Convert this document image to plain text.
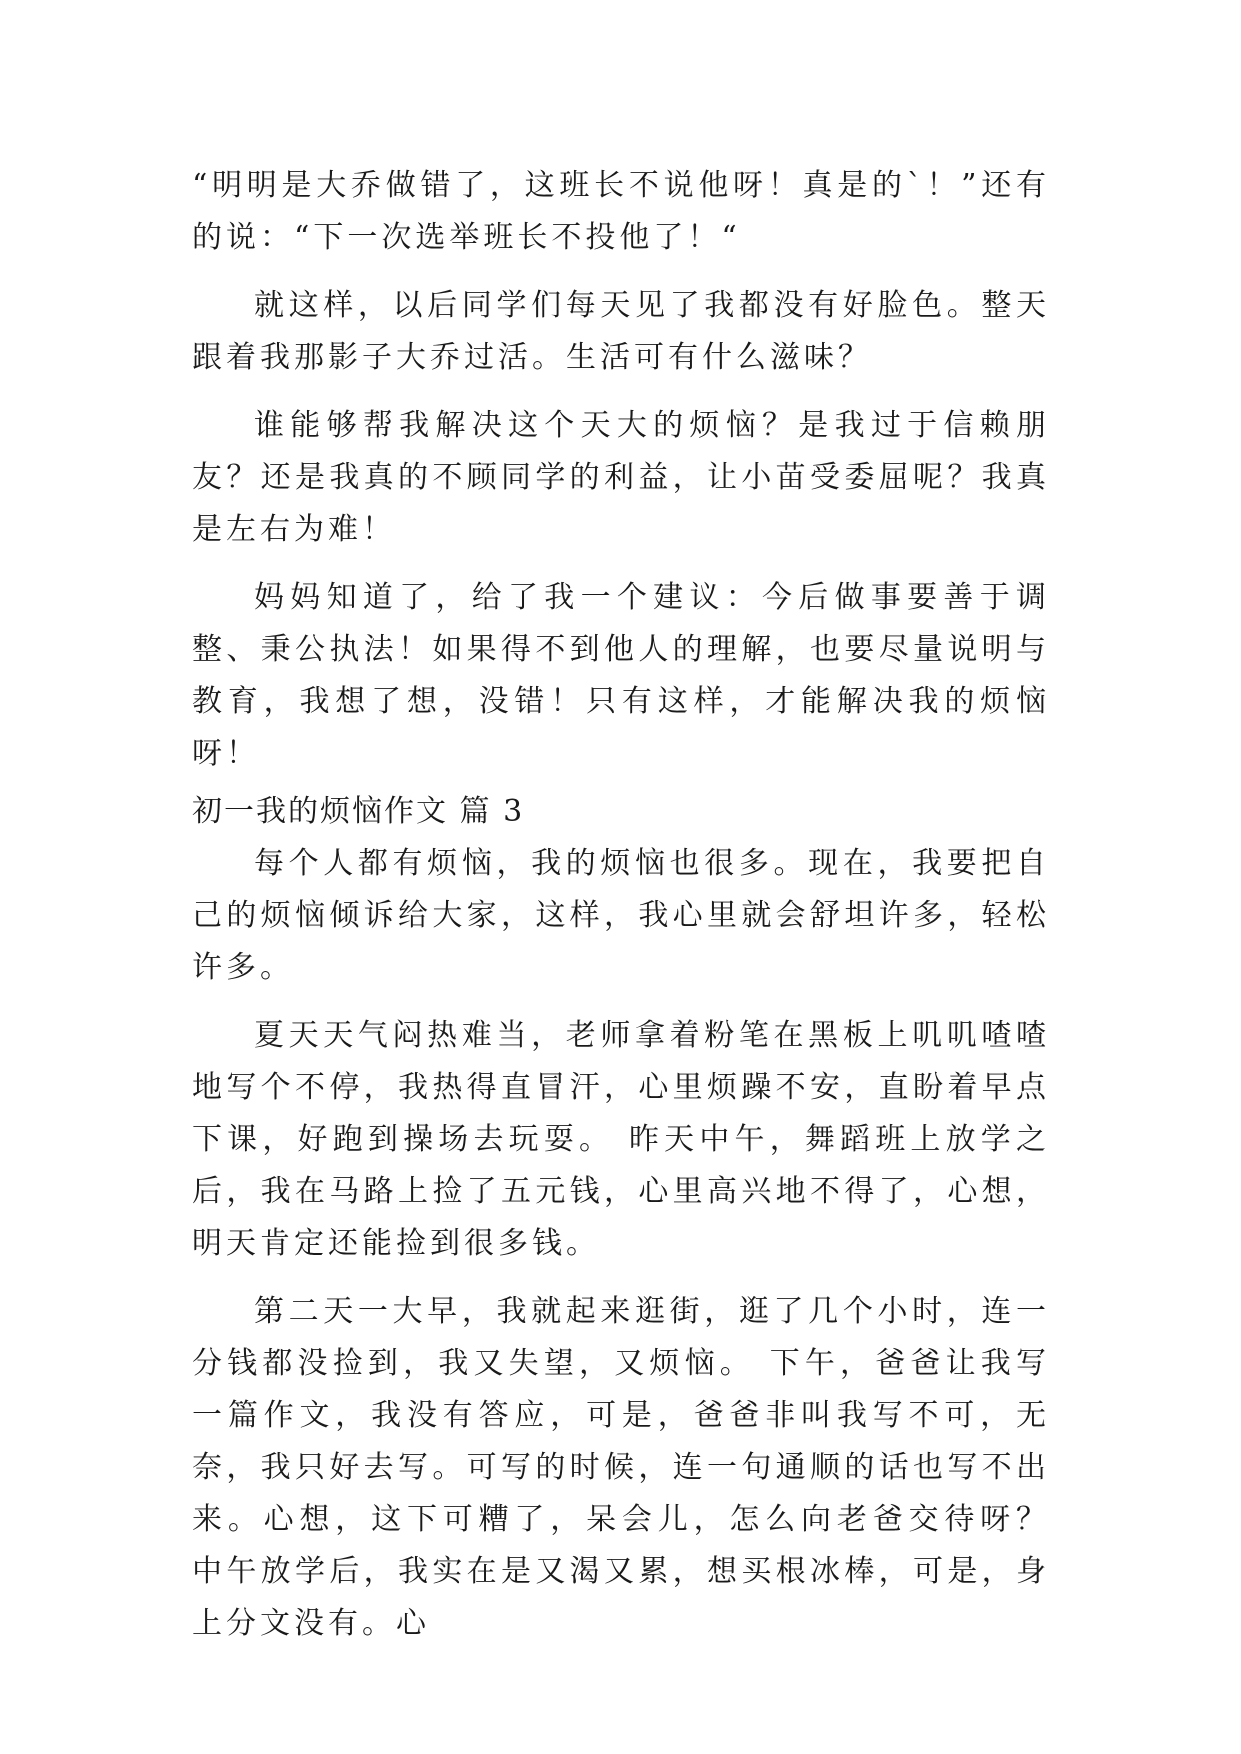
“明明是大乔做错了，这班长不说他呀！真是的`！”还有的说：“下一次选举班长不投他了！“

就这样，以后同学们每天见了我都没有好脸色。整天跟着我那影子大乔过活。生活可有什么滋味？

谁能够帮我解决这个天大的烦恼？是我过于信赖朋友？还是我真的不顾同学的利益，让小苗受委屈呢？我真是左右为难！

妈妈知道了，给了我一个建议：今后做事要善于调整、秉公执法！如果得不到他人的理解，也要尽量说明与教育，我想了想，没错！只有这样，才能解决我的烦恼呀！

初一我的烦恼作文 篇 3

每个人都有烦恼，我的烦恼也很多。现在，我要把自己的烦恼倾诉给大家，这样，我心里就会舒坦许多，轻松许多。

夏天天气闷热难当，老师拿着粉笔在黑板上叽叽喳喳地写个不停，我热得直冒汗，心里烦躁不安，直盼着早点下课，好跑到操场去玩耍。 昨天中午，舞蹈班上放学之后，我在马路上捡了五元钱，心里高兴地不得了，心想，明天肯定还能捡到很多钱。

第二天一大早，我就起来逛街，逛了几个小时，连一分钱都没捡到，我又失望，又烦恼。 下午，爸爸让我写一篇作文，我没有答应，可是，爸爸非叫我写不可，无奈，我只好去写。可写的时候，连一句通顺的话也写不出来。心想，这下可糟了，呆会儿，怎么向老爸交待呀？ 中午放学后，我实在是又渴又累，想买根冰棒，可是，身上分文没有。心
